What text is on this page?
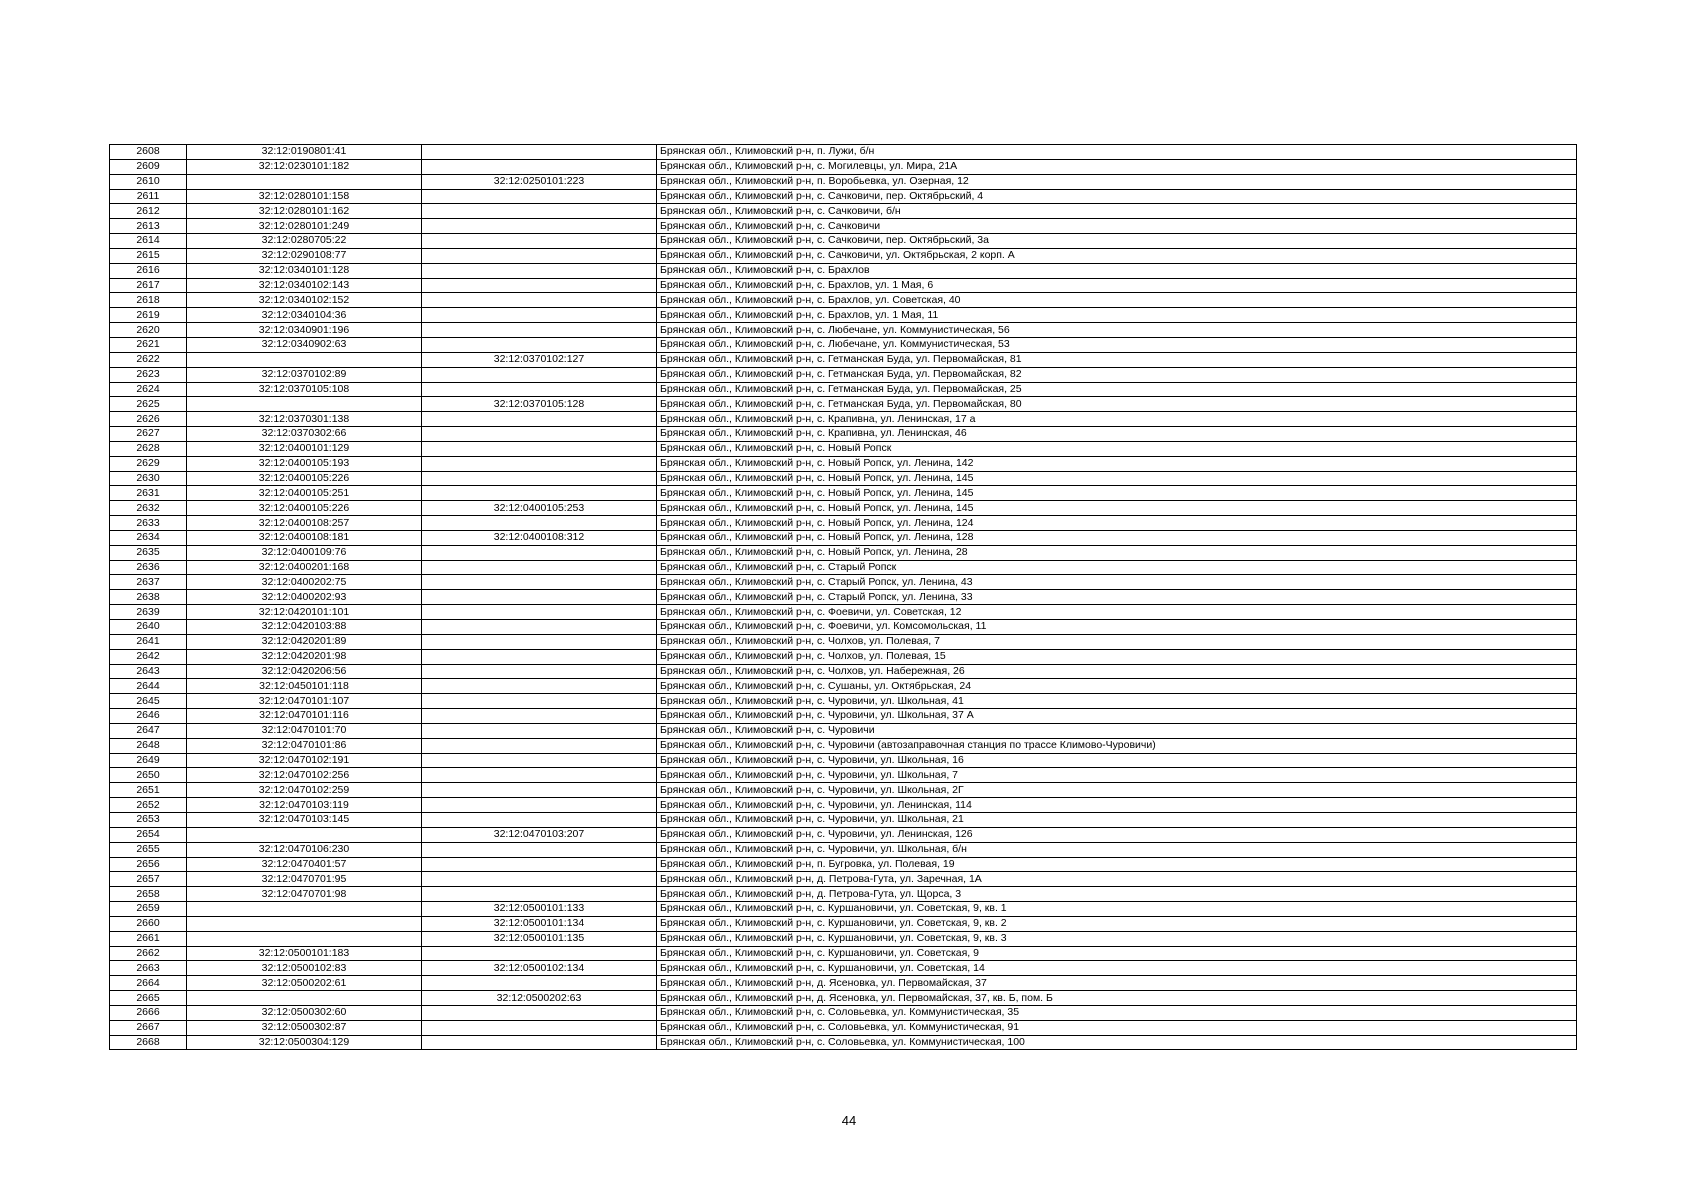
2608	32:12:0190801:41		Брянская обл., Климовский р-н, п. Лужи, б/н
2609	32:12:0230101:182		Брянская обл., Климовский р-н, с. Могилевцы, ул. Мира, 21А
2610		32:12:0250101:223	Брянская обл., Климовский р-н, п. Воробьевка, ул. Озерная, 12
2611	32:12:0280101:158		Брянская обл., Климовский р-н, с. Сачковичи, пер. Октябрьский, 4
2612	32:12:0280101:162		Брянская обл., Климовский р-н, с. Сачковичи, б/н
2613	32:12:0280101:249		Брянская обл., Климовский р-н, с. Сачковичи
2614	32:12:0280705:22		Брянская обл., Климовский р-н, с. Сачковичи, пер. Октябрьский, 3а
2615	32:12:0290108:77		Брянская обл., Климовский р-н, с. Сачковичи, ул. Октябрьская, 2 корп. А
2616	32:12:0340101:128		Брянская обл., Климовский р-н, с. Брахлов
2617	32:12:0340102:143		Брянская обл., Климовский р-н, с. Брахлов, ул. 1 Мая, 6
2618	32:12:0340102:152		Брянская обл., Климовский р-н, с. Брахлов, ул. Советская, 40
2619	32:12:0340104:36		Брянская обл., Климовский р-н, с. Брахлов, ул. 1 Мая, 11
2620	32:12:0340901:196		Брянская обл., Климовский р-н, с. Любечане, ул. Коммунистическая, 56
2621	32:12:0340902:63		Брянская обл., Климовский р-н, с. Любечане, ул. Коммунистическая, 53
2622		32:12:0370102:127	Брянская обл., Климовский р-н, с. Гетманская Буда, ул. Первомайская, 81
2623	32:12:0370102:89		Брянская обл., Климовский р-н, с. Гетманская Буда, ул. Первомайская, 82
2624	32:12:0370105:108		Брянская обл., Климовский р-н, с. Гетманская Буда, ул. Первомайская, 25
2625		32:12:0370105:128	Брянская обл., Климовский р-н, с. Гетманская Буда, ул. Первомайская, 80
2626	32:12:0370301:138		Брянская обл., Климовский р-н, с. Крапивна, ул. Ленинская, 17 а
2627	32:12:0370302:66		Брянская обл., Климовский р-н, с. Крапивна, ул. Ленинская, 46
2628	32:12:0400101:129		Брянская обл., Климовский р-н, с. Новый Ропск
2629	32:12:0400105:193		Брянская обл., Климовский р-н, с. Новый Ропск, ул. Ленина, 142
2630	32:12:0400105:226		Брянская обл., Климовский р-н, с. Новый Ропск, ул. Ленина, 145
2631	32:12:0400105:251		Брянская обл., Климовский р-н, с. Новый Ропск, ул. Ленина, 145
2632	32:12:0400105:226	32:12:0400105:253	Брянская обл., Климовский р-н, с. Новый Ропск, ул. Ленина, 145
2633	32:12:0400108:257		Брянская обл., Климовский р-н, с. Новый Ропск, ул. Ленина, 124
2634	32:12:0400108:181	32:12:0400108:312	Брянская обл., Климовский р-н, с. Новый Ропск, ул. Ленина, 128
2635	32:12:0400109:76		Брянская обл., Климовский р-н, с. Новый Ропск, ул. Ленина, 28
2636	32:12:0400201:168		Брянская обл., Климовский р-н, с. Старый Ропск
2637	32:12:0400202:75		Брянская обл., Климовский р-н, с. Старый Ропск, ул. Ленина, 43
2638	32:12:0400202:93		Брянская обл., Климовский р-н, с. Старый Ропск, ул. Ленина, 33
2639	32:12:0420101:101		Брянская обл., Климовский р-н, с. Фоевичи, ул. Советская, 12
2640	32:12:0420103:88		Брянская обл., Климовский р-н, с. Фоевичи, ул. Комсомольская, 11
2641	32:12:0420201:89		Брянская обл., Климовский р-н, с. Чолхов, ул. Полевая, 7
2642	32:12:0420201:98		Брянская обл., Климовский р-н, с. Чолхов, ул. Полевая, 15
2643	32:12:0420206:56		Брянская обл., Климовский р-н, с. Чолхов, ул. Набережная, 26
2644	32:12:0450101:118		Брянская обл., Климовский р-н, с. Сушаны, ул. Октябрьская, 24
2645	32:12:0470101:107		Брянская обл., Климовский р-н, с. Чуровичи, ул. Школьная, 41
2646	32:12:0470101:116		Брянская обл., Климовский р-н, с. Чуровичи, ул. Школьная, 37 А
2647	32:12:0470101:70		Брянская обл., Климовский р-н, с. Чуровичи
2648	32:12:0470101:86		Брянская обл., Климовский р-н, с. Чуровичи (автозаправочная станция по трассе Климово-Чуровичи)
2649	32:12:0470102:191		Брянская обл., Климовский р-н, с. Чуровичи, ул. Школьная, 16
2650	32:12:0470102:256		Брянская обл., Климовский р-н, с. Чуровичи, ул. Школьная, 7
2651	32:12:0470102:259		Брянская обл., Климовский р-н, с. Чуровичи, ул. Школьная, 2Г
2652	32:12:0470103:119		Брянская обл., Климовский р-н, с. Чуровичи, ул. Ленинская, 114
2653	32:12:0470103:145		Брянская обл., Климовский р-н, с. Чуровичи, ул. Школьная, 21
2654		32:12:0470103:207	Брянская обл., Климовский р-н, с. Чуровичи, ул. Ленинская, 126
2655	32:12:0470106:230		Брянская обл., Климовский р-н, с. Чуровичи, ул. Школьная, б/н
2656	32:12:0470401:57		Брянская обл., Климовский р-н, п. Бугровка, ул. Полевая, 19
2657	32:12:0470701:95		Брянская обл., Климовский р-н, д. Петрова-Гута, ул. Заречная, 1А
2658	32:12:0470701:98		Брянская обл., Климовский р-н, д. Петрова-Гута, ул. Щорса, 3
2659		32:12:0500101:133	Брянская обл., Климовский р-н, с. Куршановичи, ул. Советская, 9, кв. 1
2660		32:12:0500101:134	Брянская обл., Климовский р-н, с. Куршановичи, ул. Советская, 9, кв. 2
2661		32:12:0500101:135	Брянская обл., Климовский р-н, с. Куршановичи, ул. Советская, 9, кв. 3
2662	32:12:0500101:183		Брянская обл., Климовский р-н, с. Куршановичи, ул. Советская, 9
2663	32:12:0500102:83	32:12:0500102:134	Брянская обл., Климовский р-н, с. Куршановичи, ул. Советская, 14
2664	32:12:0500202:61		Брянская обл., Климовский р-н, д. Ясеновка, ул. Первомайская, 37
2665		32:12:0500202:63	Брянская обл., Климовский р-н, д. Ясеновка, ул. Первомайская, 37, кв. Б, пом. Б
2666	32:12:0500302:60		Брянская обл., Климовский р-н, с. Соловьевка, ул. Коммунистическая, 35
2667	32:12:0500302:87		Брянская обл., Климовский р-н, с. Соловьевка, ул. Коммунистическая, 91
2668	32:12:0500304:129		Брянская обл., Климовский р-н, с. Соловьевка, ул. Коммунистическая, 100
44
